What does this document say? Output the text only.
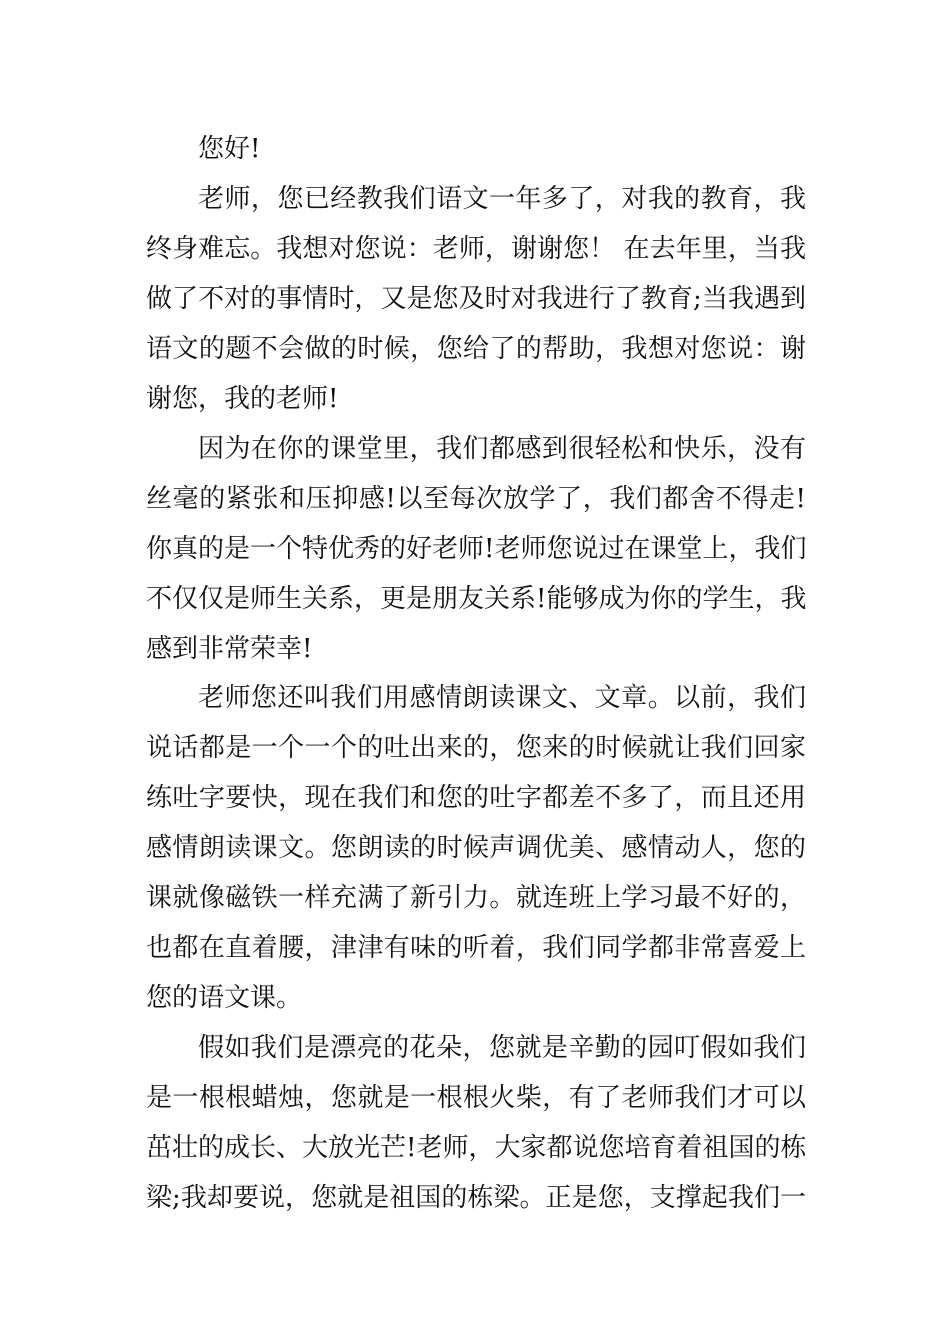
您好!
老师，您已经教我们语文一年多了，对我的教育，我
终身难忘。我想对您说：老师，谢谢您！ 在去年里，当我
做了不对的事情时，又是您及时对我进行了教育;当我遇到
语文的题不会做的时候，您给了的帮助，我想对您说：谢
谢您，我的老师!
因为在你的课堂里，我们都感到很轻松和快乐，没有
丝毫的紧张和压抑感!以至每次放学了，我们都舍不得走!
你真的是一个特优秀的好老师!老师您说过在课堂上，我们
不仅仅是师生关系，更是朋友关系!能够成为你的学生，我
感到非常荣幸!
老师您还叫我们用感情朗读课文、文章。以前，我们
说话都是一个一个的吐出来的，您来的时候就让我们回家
练吐字要快，现在我们和您的吐字都差不多了，而且还用
感情朗读课文。您朗读的时候声调优美、感情动人，您的
课就像磁铁一样充满了新引力。就连班上学习最不好的，
也都在直着腰，津津有味的听着，我们同学都非常喜爱上
您的语文课。
假如我们是漂亮的花朵，您就是辛勤的园叮假如我们
是一根根蜡烛，您就是一根根火柴，有了老师我们才可以
茁壮的成长、大放光芒!老师，大家都说您培育着祖国的栋
梁;我却要说，您就是祖国的栋梁。正是您，支撑起我们一
